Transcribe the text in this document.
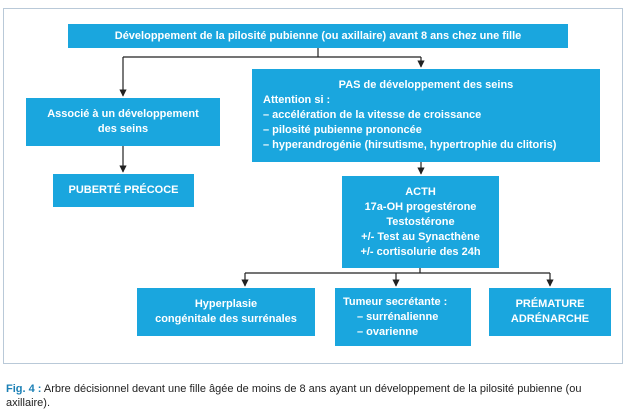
Développement de la pilosité pubienne (ou axillaire) avant 8 ans chez une fille
Associé à un développement
des seins
PUBERTÉ PRÉCOCE
PAS de développement des seins
Attention si :
– accélération de la vitesse de croissance
– pilosité pubienne prononcée
– hyperandrogénie (hirsutisme, hypertrophie du clitoris)
ACTH
17a-OH progestérone
Testostérone
+/- Test au Synacthène
+/- cortisolurie des 24h
Hyperplasie
congénitale des surrénales
Tumeur secrétante :
– surrénalienne
– ovarienne
PRÉMATURE
ADRÉNARCHE
Fig. 4 : Arbre décisionnel devant une fille âgée de moins de 8 ans ayant un développement de la pilosité pubienne (ou axillaire).
